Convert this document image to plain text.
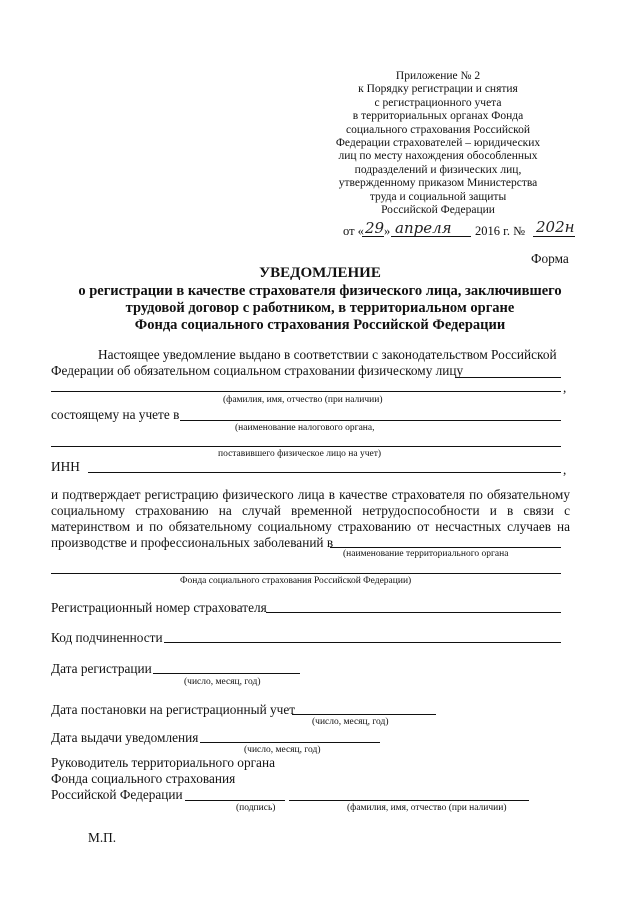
Приложение № 2
к Порядку регистрации и снятия
с регистрационного учета
в территориальных органах Фонда
социального страхования Российской
Федерации страхователей – юридических
лиц по месту нахождения обособленных
подразделений и физических лиц,
утвержденному приказом Министерства
труда и социальной защиты
Российской Федерации
от « 29 » апреля 2016 г. № 202н
Форма
УВЕДОМЛЕНИЕ
о регистрации в качестве страхователя физического лица, заключившего
трудовой договор с работником, в территориальном органе
Фонда социального страхования Российской Федерации
Настоящее уведомление выдано в соответствии с законодательством Российской
Федерации об обязательном социальном страховании физическому лицу
,
(фамилия, имя, отчество (при наличии)
состоящему на учете в
(наименование налогового органа,
поставившего физическое лицо на учет)
ИНН	,
и подтверждает регистрацию физического лица в качестве страхователя по обязательному
социальному страхованию на случай временной нетрудоспособности и в связи с
материнством и по обязательному социальному страхованию от несчастных случаев на
производстве и профессиональных заболеваний в
(наименование территориального органа
Фонда социального страхования Российской Федерации)
Регистрационный номер страхователя
Код подчиненности
Дата регистрации
(число, месяц, год)
Дата постановки на регистрационный учет
(число, месяц, год)
Дата выдачи уведомления
(число, месяц, год)
Руководитель территориального органа
Фонда социального страхования
Российской Федерации
(подпись)	(фамилия, имя, отчество (при наличии)
М.П.
